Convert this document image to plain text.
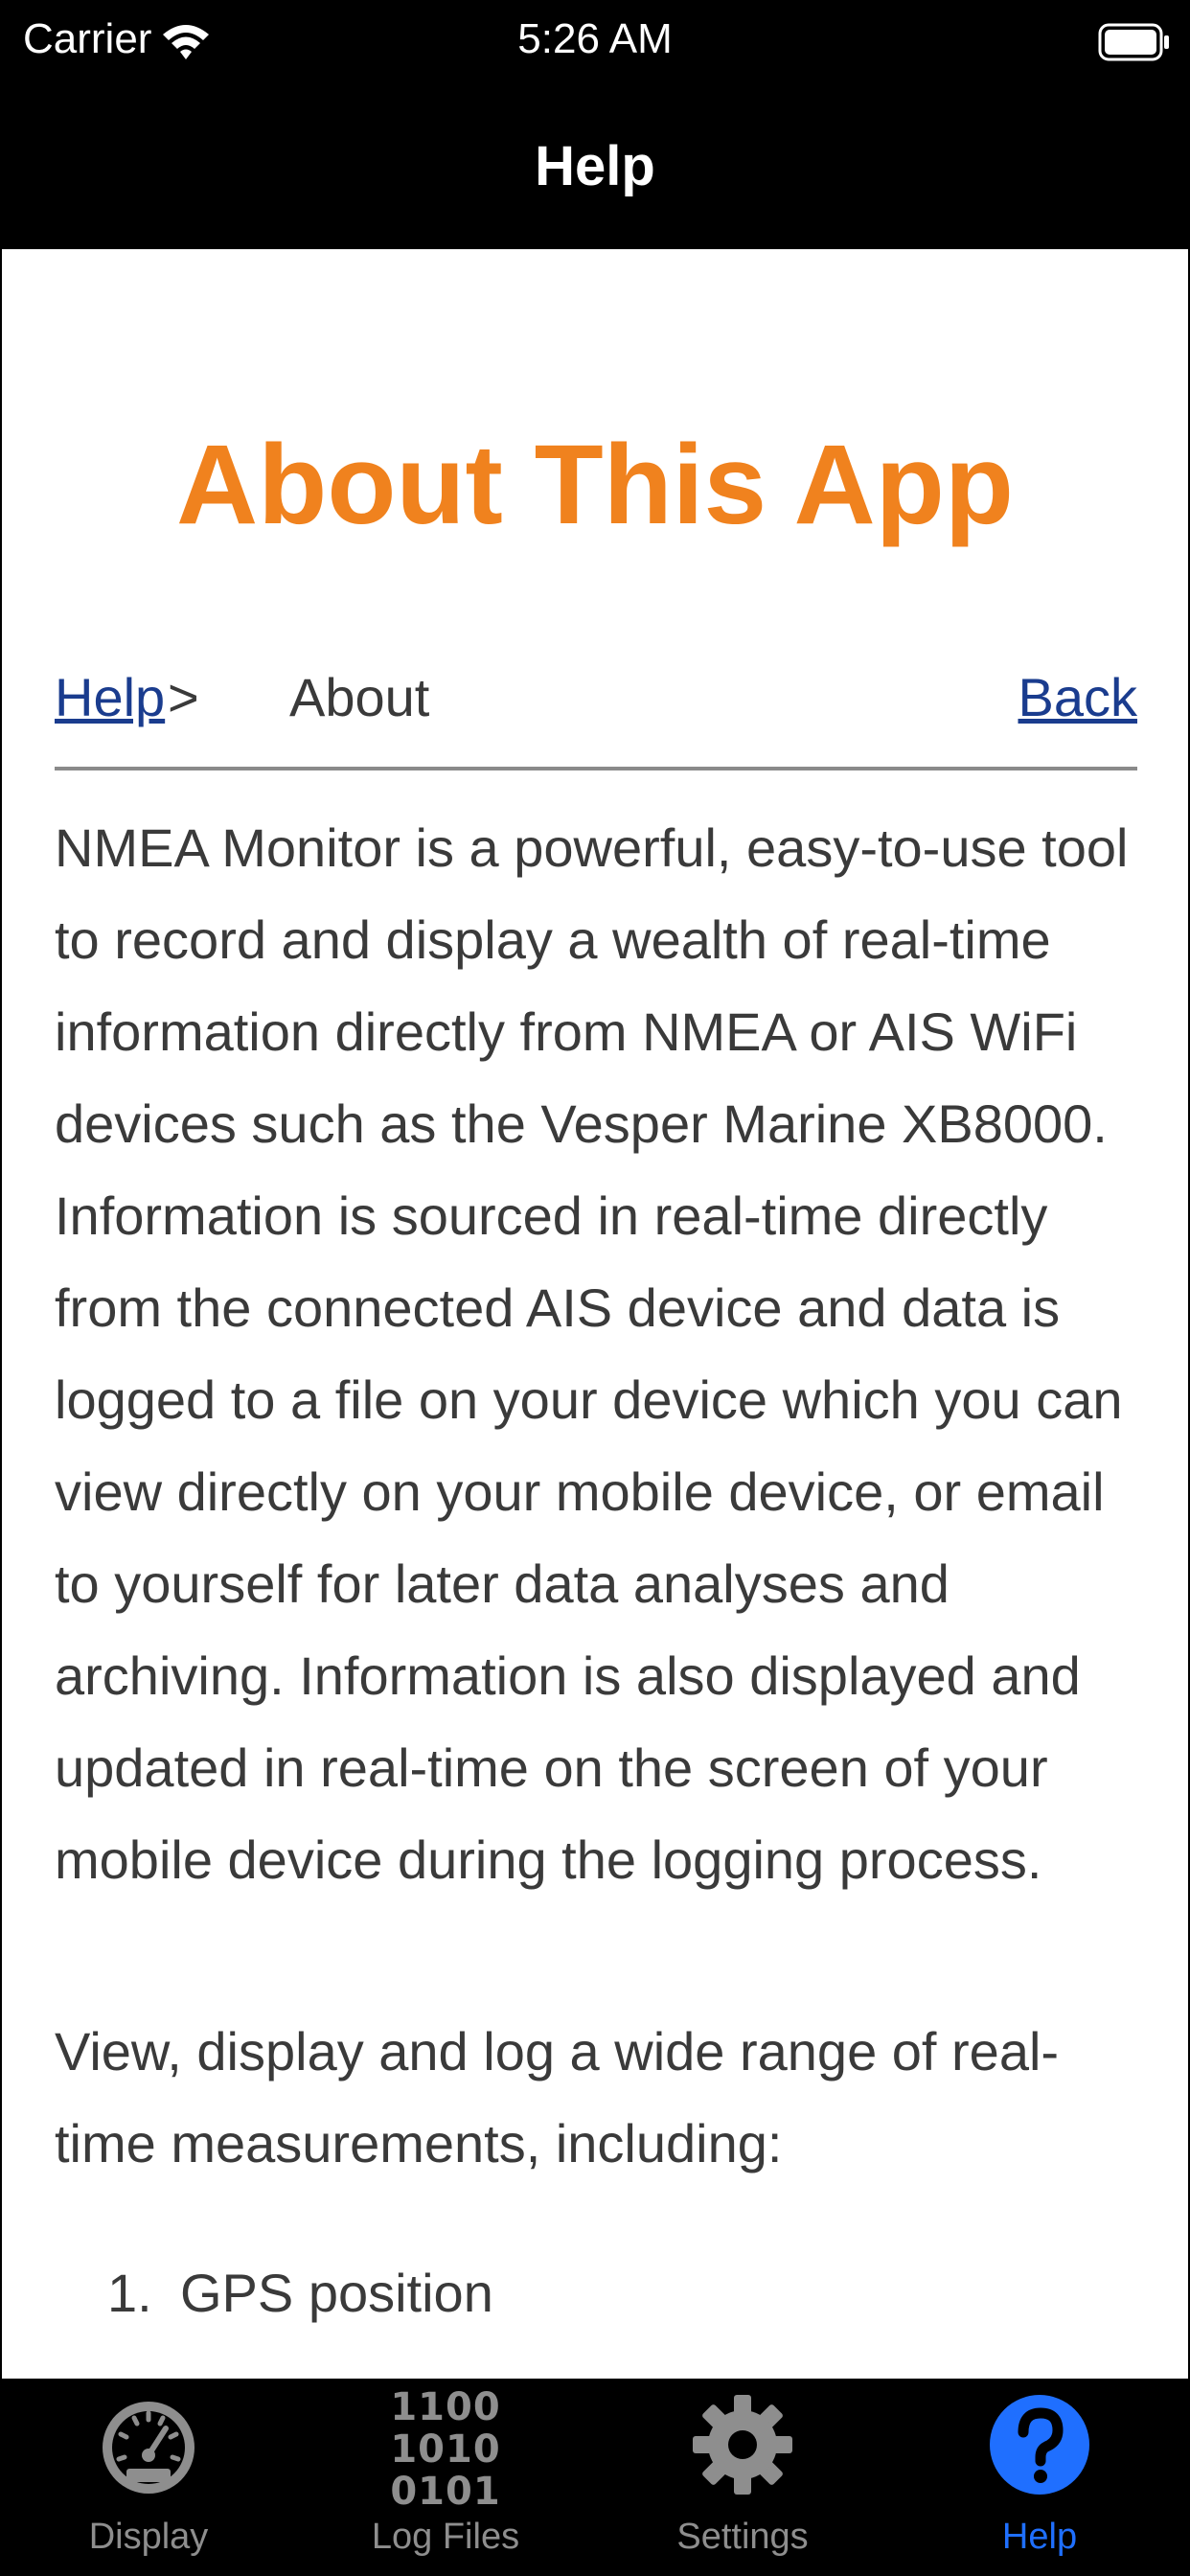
Carrier	5:26 AM
Help
About This App
Help > About	Back

NMEA Monitor is a powerful, easy-to-use tool to record and display a wealth of real-time information directly from NMEA or AIS WiFi devices such as the Vesper Marine XB8000. Information is sourced in real-time directly from the connected AIS device and data is logged to a file on your device which you can view directly on your mobile device, or email to yourself for later data analyses and archiving. Information is also displayed and updated in real-time on the screen of your mobile device during the logging process.

View, display and log a wide range of real-time measurements, including:

1. GPS position
Display
1100
1010
0101
Log Files	Settings	Help
